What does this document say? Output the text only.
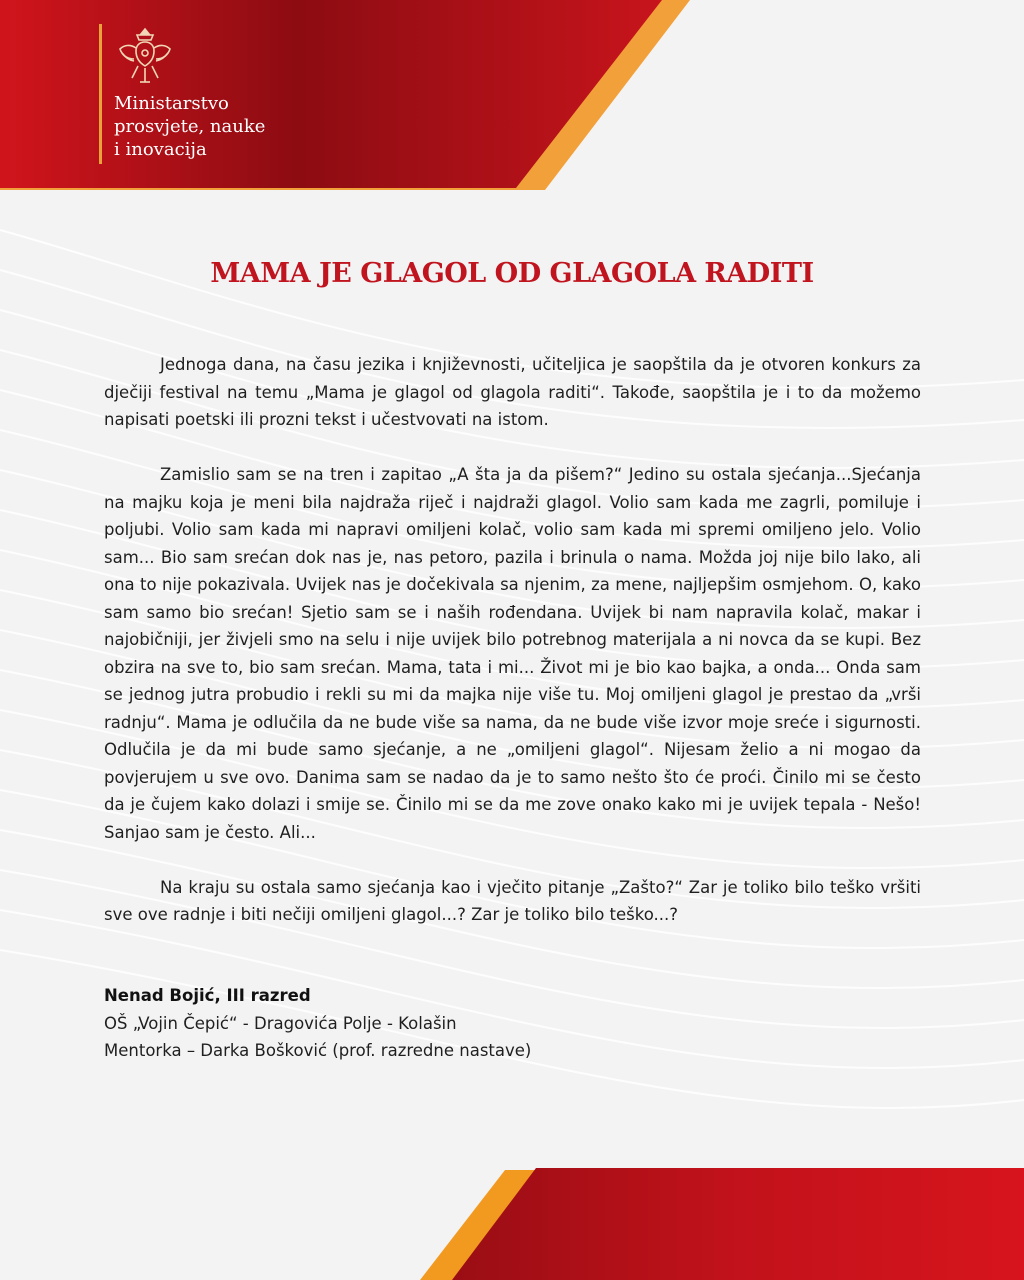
Ministarstvo
prosvjete, nauke
i inovacija
MAMA JE GLAGOL OD GLAGOLA RADITI

Jednoga dana, na času jezika i književnosti, učiteljica je saopštila da je otvoren konkurs za dječiji festival na temu „Mama je glagol od glagola raditi“. Takođe, saopštila je i to da možemo napisati poetski ili prozni tekst i učestvovati na istom.

Zamislio sam se na tren i zapitao „A šta ja da pišem?“ Jedino su ostala sjećanja...Sjećanja na majku koja je meni bila najdraža riječ i najdraži glagol. Volio sam kada me zagrli, pomiluje i poljubi. Volio sam kada mi napravi omiljeni kolač, volio sam kada mi spremi omiljeno jelo. Volio sam... Bio sam srećan dok nas je, nas petoro, pazila i brinula o nama. Možda joj nije bilo lako, ali ona to nije pokazivala. Uvijek nas je dočekivala sa njenim, za mene, najljepšim osmjehom. O, kako sam samo bio srećan! Sjetio sam se i naših rođendana. Uvijek bi nam napravila kolač, makar i najobičniji, jer živjeli smo na selu i nije uvijek bilo potrebnog materijala a ni novca da se kupi. Bez obzira na sve to, bio sam srećan. Mama, tata i mi... Život mi je bio kao bajka, a onda... Onda sam se jednog jutra probudio i rekli su mi da majka nije više tu. Moj omiljeni glagol je prestao da „vrši radnju“. Mama je odlučila da ne bude više sa nama, da ne bude više izvor moje sreće i sigurnosti. Odlučila je da mi bude samo sjećanje, a ne „omiljeni glagol“. Nijesam želio a ni mogao da povjerujem u sve ovo. Danima sam se nadao da je to samo nešto što će proći. Činilo mi se često da je čujem kako dolazi i smije se. Činilo mi se da me zove onako kako mi je uvijek tepala - Nešo! Sanjao sam je često. Ali...

Na kraju su ostala samo sjećanja kao i vječito pitanje „Zašto?“ Zar je toliko bilo teško vršiti sve ove radnje i biti nečiji omiljeni glagol...? Zar je toliko bilo teško...?

Nenad Bojić, III razred
OŠ „Vojin Čepić“ - Dragovića Polje - Kolašin
Mentorka – Darka Bošković (prof. razredne nastave)
